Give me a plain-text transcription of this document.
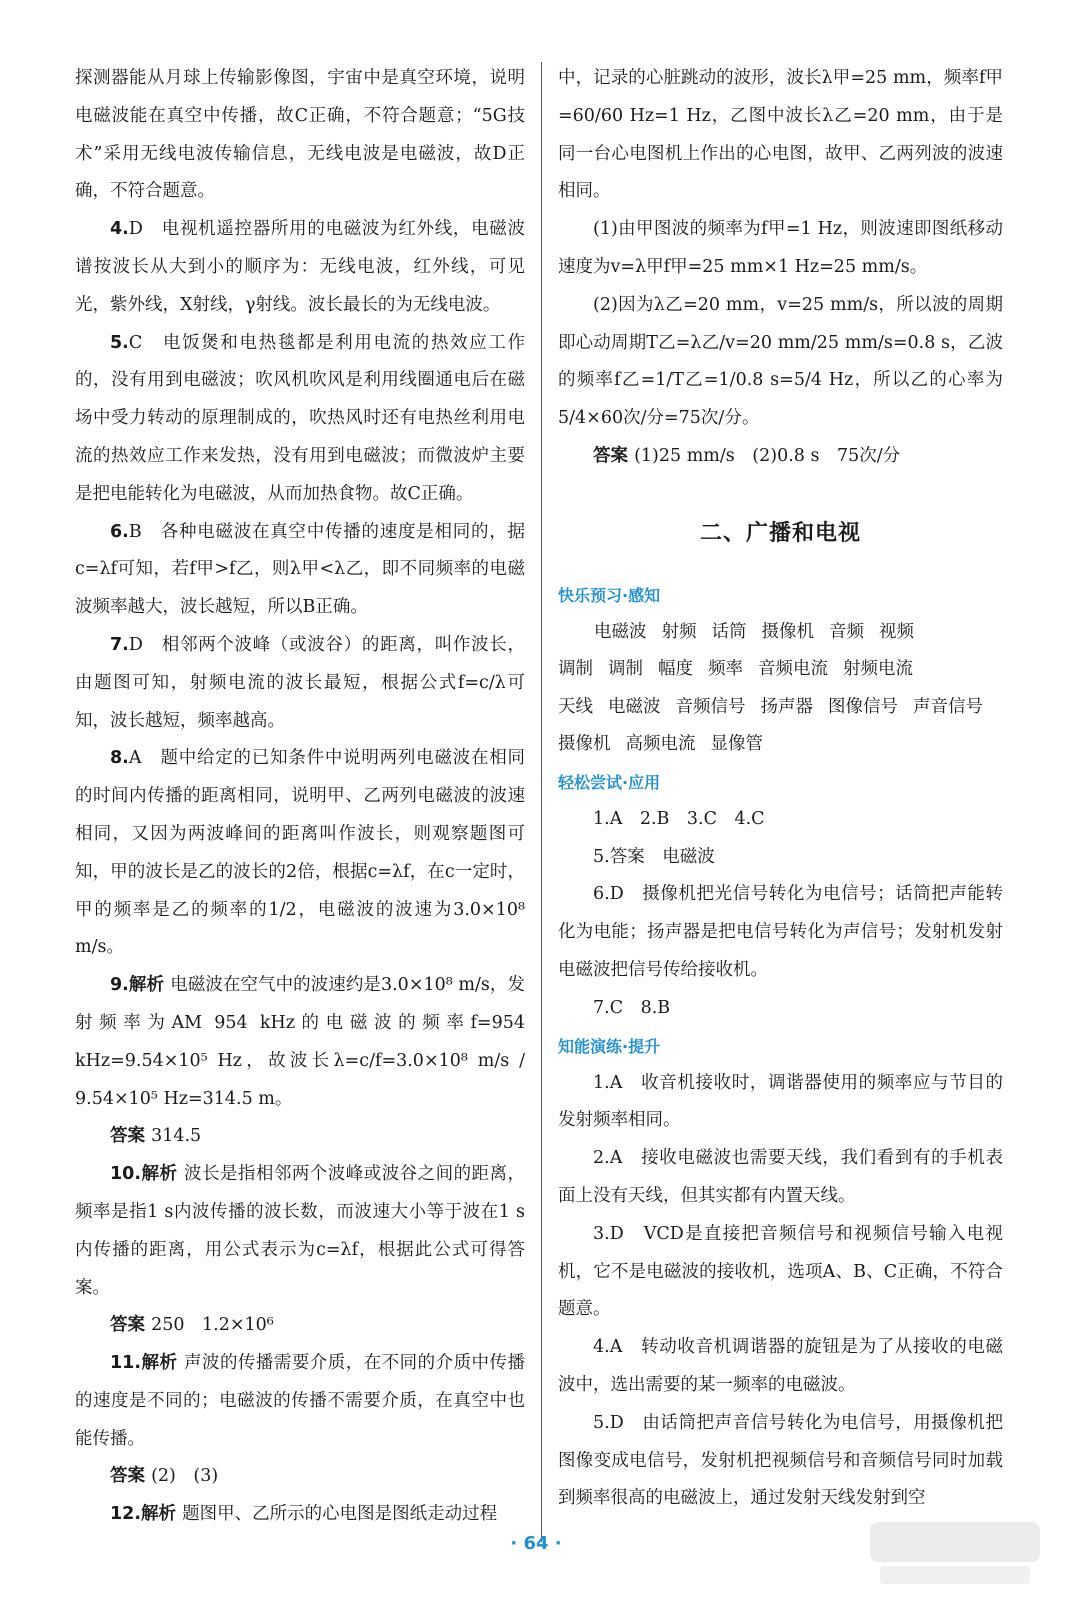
探测器能从月球上传输影像图，宇宙中是真空环境，说明电磁波能在真空中传播，故C正确，不符合题意；“5G技术”采用无线电波传输信息，无线电波是电磁波，故D正确，不符合题意。

4.D　电视机遥控器所用的电磁波为红外线，电磁波谱按波长从大到小的顺序为：无线电波，红外线，可见光，紫外线，X射线，γ射线。波长最长的为无线电波。

5.C　电饭煲和电热毯都是利用电流的热效应工作的，没有用到电磁波；吹风机吹风是利用线圈通电后在磁场中受力转动的原理制成的，吹热风时还有电热丝利用电流的热效应工作来发热，没有用到电磁波；而微波炉主要是把电能转化为电磁波，从而加热食物。故C正确。

6.B　各种电磁波在真空中传播的速度是相同的，据c=λf可知，若f甲>f乙，则λ甲<λ乙，即不同频率的电磁波频率越大，波长越短，所以B正确。

7.D　相邻两个波峰（或波谷）的距离，叫作波长，由题图可知，射频电流的波长最短，根据公式f=c/λ可知，波长越短，频率越高。

8.A　题中给定的已知条件中说明两列电磁波在相同的时间内传播的距离相同，说明甲、乙两列电磁波的波速相同，又因为两波峰间的距离叫作波长，则观察题图可知，甲的波长是乙的波长的2倍，根据c=λf，在c一定时，甲的频率是乙的频率的1/2，电磁波的波速为3.0×10⁸ m/s。

9.解析 电磁波在空气中的波速约是3.0×10⁸ m/s，发射频率为AM 954 kHz的电磁波的频率f=954 kHz=9.54×10⁵ Hz，故波长λ=c/f=3.0×10⁸ m/s / 9.54×10⁵ Hz=314.5 m。

答案 314.5

10.解析 波长是指相邻两个波峰或波谷之间的距离，频率是指1 s内波传播的波长数，而波速大小等于波在1 s内传播的距离，用公式表示为c=λf，根据此公式可得答案。

答案 250　1.2×10⁶

11.解析 声波的传播需要介质，在不同的介质中传播的速度是不同的；电磁波的传播不需要介质，在真空中也能传播。

答案 (2)　(3)

12.解析 题图甲、乙所示的心电图是图纸走动过程

中，记录的心脏跳动的波形，波长λ甲=25 mm，频率f甲=60/60 Hz=1 Hz，乙图中波长λ乙=20 mm，由于是同一台心电图机上作出的心电图，故甲、乙两列波的波速相同。

(1)由甲图波的频率为f甲=1 Hz，则波速即图纸移动速度为v=λ甲f甲=25 mm×1 Hz=25 mm/s。

(2)因为λ乙=20 mm，v=25 mm/s，所以波的周期即心动周期T乙=λ乙/v=20 mm/25 mm/s=0.8 s，乙波的频率f乙=1/T乙=1/0.8 s=5/4 Hz，所以乙的心率为5/4×60次/分=75次/分。

答案 (1)25 mm/s　(2)0.8 s　75次/分

二、广播和电视
快乐预习·感知
电磁波 射频 话筒 摄像机 音频 视频
调制 调制 幅度 频率 音频电流 射频电流
天线 电磁波 音频信号 扬声器 图像信号 声音信号
摄像机 高频电流 显像管
轻松尝试·应用

1.A　2.B　3.C　4.C

5.答案　电磁波

6.D　摄像机把光信号转化为电信号；话筒把声能转化为电能；扬声器是把电信号转化为声信号；发射机发射电磁波把信号传给接收机。

7.C　8.B

知能演练·提升

1.A　收音机接收时，调谐器使用的频率应与节目的发射频率相同。

2.A　接收电磁波也需要天线，我们看到有的手机表面上没有天线，但其实都有内置天线。

3.D　VCD是直接把音频信号和视频信号输入电视机，它不是电磁波的接收机，选项A、B、C正确，不符合题意。

4.A　转动收音机调谐器的旋钮是为了从接收的电磁波中，选出需要的某一频率的电磁波。

5.D　由话筒把声音信号转化为电信号，用摄像机把图像变成电信号，发射机把视频信号和音频信号同时加载到频率很高的电磁波上，通过发射天线发射到空

· 64 ·
